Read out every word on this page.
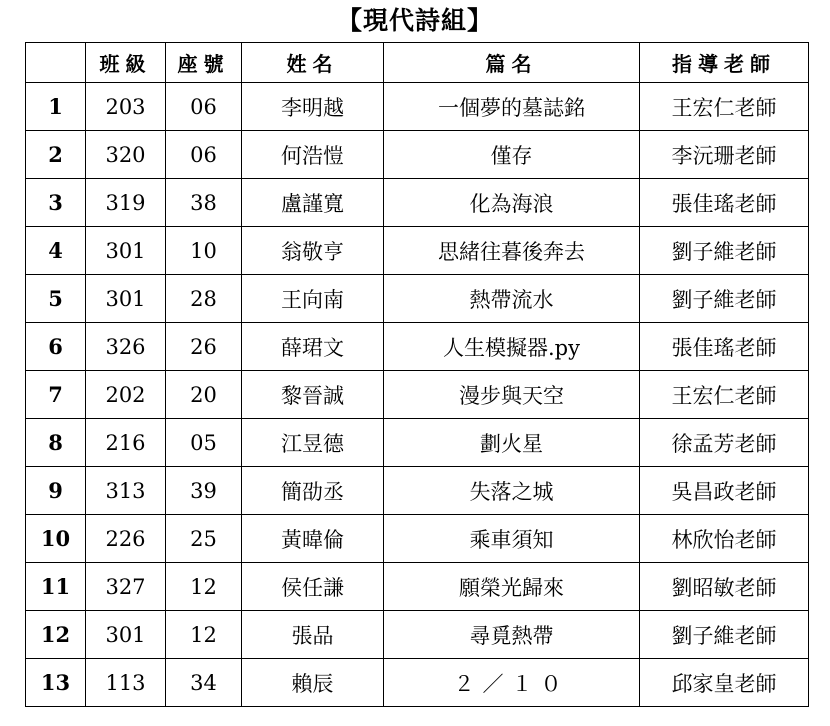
【現代詩組】
	班級	座號	姓名	篇名	指導老師
1	203	06	李明越	一個夢的墓誌銘	王宏仁老師
2	320	06	何浩愷	僅存	李沅珊老師
3	319	38	盧謹寬	化為海浪	張佳瑤老師
4	301	10	翁敬亨	思緒往暮後奔去	劉子維老師
5	301	28	王向南	熱帶流水	劉子維老師
6	326	26	薛珺文	人生模擬器.py	張佳瑤老師
7	202	20	黎晉誠	漫步與天空	王宏仁老師
8	216	05	江昱德	劃火星	徐孟芳老師
9	313	39	簡劭丞	失落之城	吳昌政老師
10	226	25	黃暐倫	乘車須知	林欣怡老師
11	327	12	侯任謙	願榮光歸來	劉昭敏老師
12	301	12	張品	尋覓熱帶	劉子維老師
13	113	34	賴辰	２／１０	邱家皇老師
